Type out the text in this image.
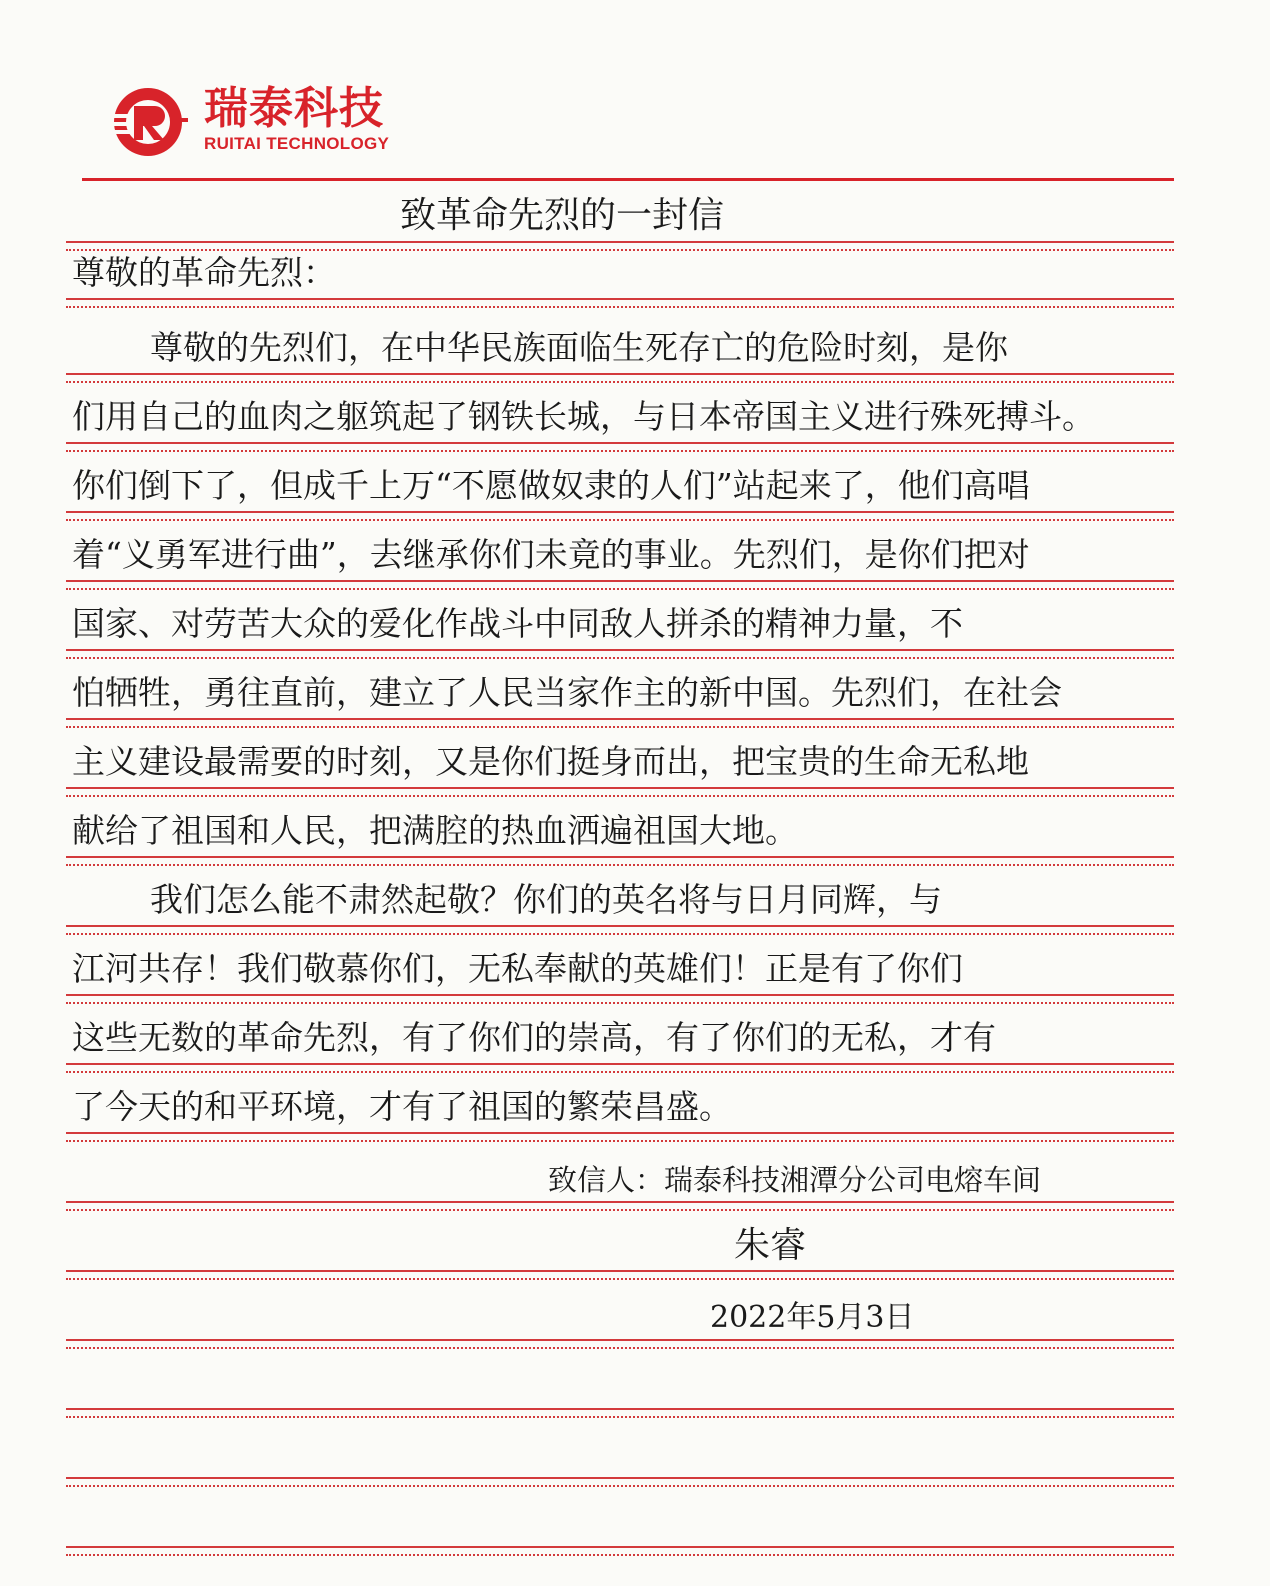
瑞泰科技
RUITAI TECHNOLOGY
致革命先烈的一封信
尊敬的革命先烈：
尊敬的先烈们，在中华民族面临生死存亡的危险时刻，是你
们用自己的血肉之躯筑起了钢铁长城，与日本帝国主义进行殊死搏斗。
你们倒下了，但成千上万“不愿做奴隶的人们”站起来了，他们高唱
着“义勇军进行曲”，去继承你们未竟的事业。先烈们，是你们把对
国家、对劳苦大众的爱化作战斗中同敌人拼杀的精神力量，不
怕牺牲，勇往直前，建立了人民当家作主的新中国。先烈们，在社会
主义建设最需要的时刻，又是你们挺身而出，把宝贵的生命无私地
献给了祖国和人民，把满腔的热血洒遍祖国大地。
我们怎么能不肃然起敬？你们的英名将与日月同辉，与
江河共存！我们敬慕你们，无私奉献的英雄们！正是有了你们
这些无数的革命先烈，有了你们的崇高，有了你们的无私，才有
了今天的和平环境，才有了祖国的繁荣昌盛。
致信人：瑞泰科技湘潭分公司电熔车间
朱睿
2022年5月3日
